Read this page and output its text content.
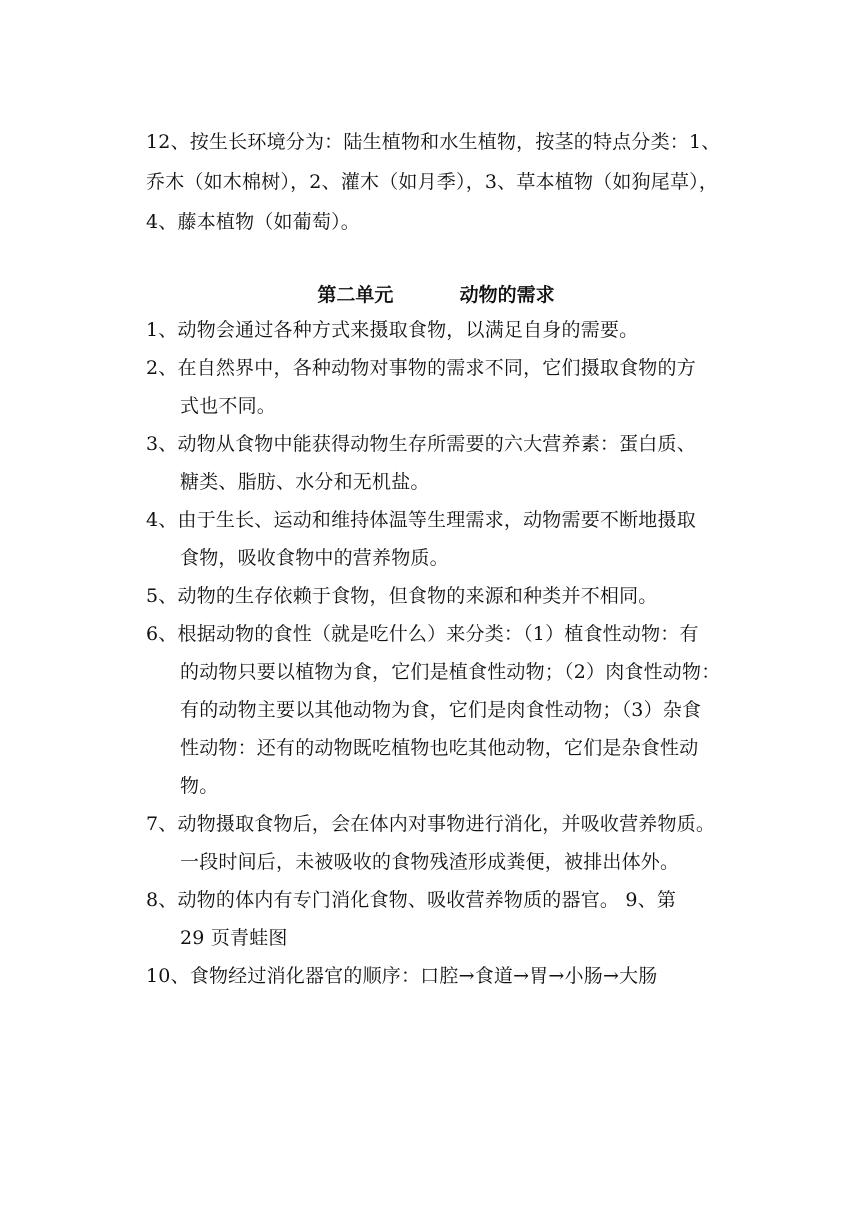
12、按生长环境分为：陆生植物和水生植物，按茎的特点分类：1、
乔木（如木棉树），2、灌木（如月季），3、草本植物（如狗尾草），
4、藤本植物（如葡萄）。
第二单元          动物的需求
1、动物会通过各种方式来摄取食物，以满足自身的需要。
2、在自然界中，各种动物对事物的需求不同，它们摄取食物的方
式也不同。
3、动物从食物中能获得动物生存所需要的六大营养素：蛋白质、
糖类、脂肪、水分和无机盐。
4、由于生长、运动和维持体温等生理需求，动物需要不断地摄取
食物，吸收食物中的营养物质。
5、动物的生存依赖于食物，但食物的来源和种类并不相同。
6、根据动物的食性（就是吃什么）来分类：（1）植食性动物：有
的动物只要以植物为食，它们是植食性动物；（2）肉食性动物：
有的动物主要以其他动物为食，它们是肉食性动物；（3）杂食
性动物：还有的动物既吃植物也吃其他动物，它们是杂食性动
物。
7、动物摄取食物后，会在体内对事物进行消化，并吸收营养物质。
一段时间后，未被吸收的食物残渣形成粪便，被排出体外。
8、动物的体内有专门消化食物、吸收营养物质的器官。 9、第
29 页青蛙图
10、食物经过消化器官的顺序：口腔→食道→胃→小肠→大肠
